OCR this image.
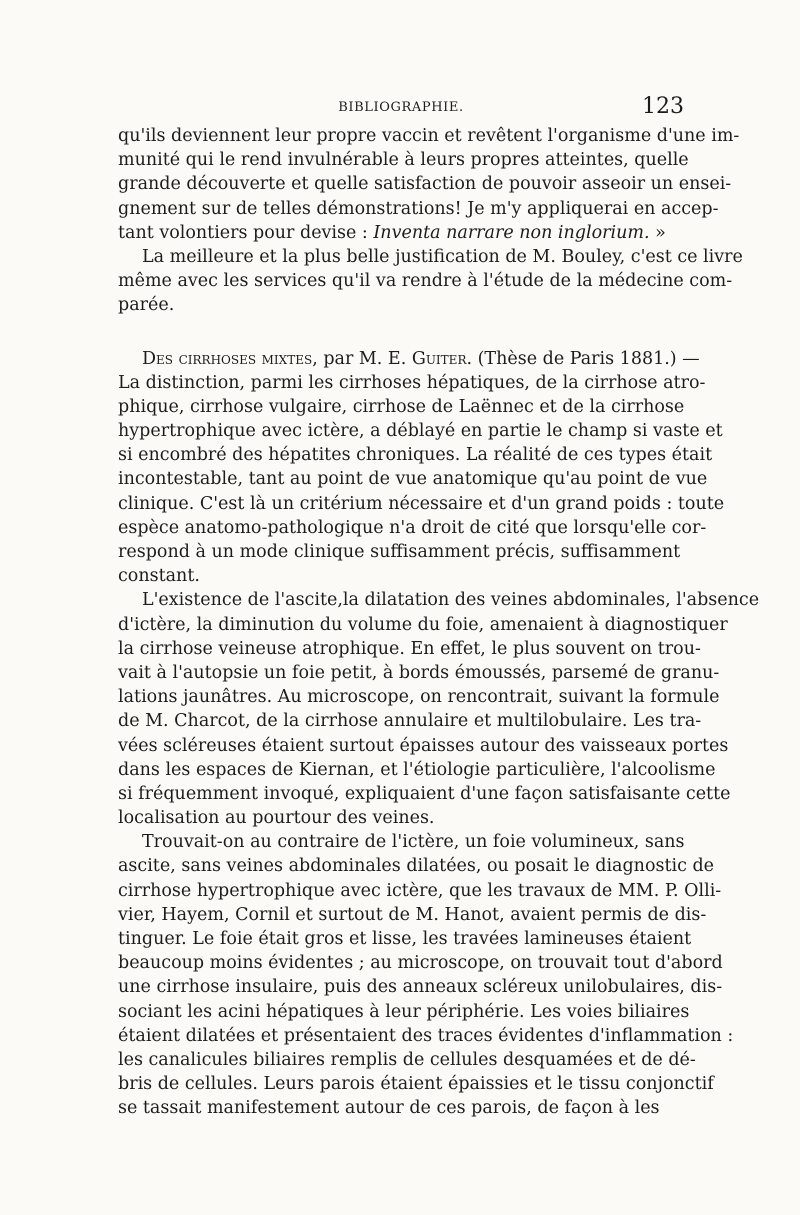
BIBLIOGRAPHIE.	123
qu'ils deviennent leur propre vaccin et revêtent l'organisme d'une im-
munité qui le rend invulnérable à leurs propres atteintes, quelle
grande découverte et quelle satisfaction de pouvoir asseoir un ensei-
gnement sur de telles démonstrations! Je m'y appliquerai en accep-
tant volontiers pour devise : Inventa narrare non inglorium. »
La meilleure et la plus belle justification de M. Bouley, c'est ce livre
même avec les services qu'il va rendre à l'étude de la médecine com-
parée.
Des cirrhoses mixtes, par M. E. Guiter. (Thèse de Paris 1881.) —
La distinction, parmi les cirrhoses hépatiques, de la cirrhose atro-
phique, cirrhose vulgaire, cirrhose de Laënnec et de la cirrhose
hypertrophique avec ictère, a déblayé en partie le champ si vaste et
si encombré des hépatites chroniques. La réalité de ces types était
incontestable, tant au point de vue anatomique qu'au point de vue
clinique. C'est là un critérium nécessaire et d'un grand poids : toute
espèce anatomo-pathologique n'a droit de cité que lorsqu'elle cor-
respond à un mode clinique suffisamment précis, suffisamment
constant.
L'existence de l'ascite,la dilatation des veines abdominales, l'absence
d'ictère, la diminution du volume du foie, amenaient à diagnostiquer
la cirrhose veineuse atrophique. En effet, le plus souvent on trou-
vait à l'autopsie un foie petit, à bords émoussés, parsemé de granu-
lations jaunâtres. Au microscope, on rencontrait, suivant la formule
de M. Charcot, de la cirrhose annulaire et multilobulaire. Les tra-
vées scléreuses étaient surtout épaisses autour des vaisseaux portes
dans les espaces de Kiernan, et l'étiologie particulière, l'alcoolisme
si fréquemment invoqué, expliquaient d'une façon satisfaisante cette
localisation au pourtour des veines.
Trouvait-on au contraire de l'ictère, un foie volumineux, sans
ascite, sans veines abdominales dilatées, ou posait le diagnostic de
cirrhose hypertrophique avec ictère, que les travaux de MM. P. Olli-
vier, Hayem, Cornil et surtout de M. Hanot, avaient permis de dis-
tinguer. Le foie était gros et lisse, les travées lamineuses étaient
beaucoup moins évidentes ; au microscope, on trouvait tout d'abord
une cirrhose insulaire, puis des anneaux scléreux unilobulaires, dis-
sociant les acini hépatiques à leur périphérie. Les voies biliaires
étaient dilatées et présentaient des traces évidentes d'inflammation :
les canalicules biliaires remplis de cellules desquamées et de dé-
bris de cellules. Leurs parois étaient épaissies et le tissu conjonctif
se tassait manifestement autour de ces parois, de façon à les
